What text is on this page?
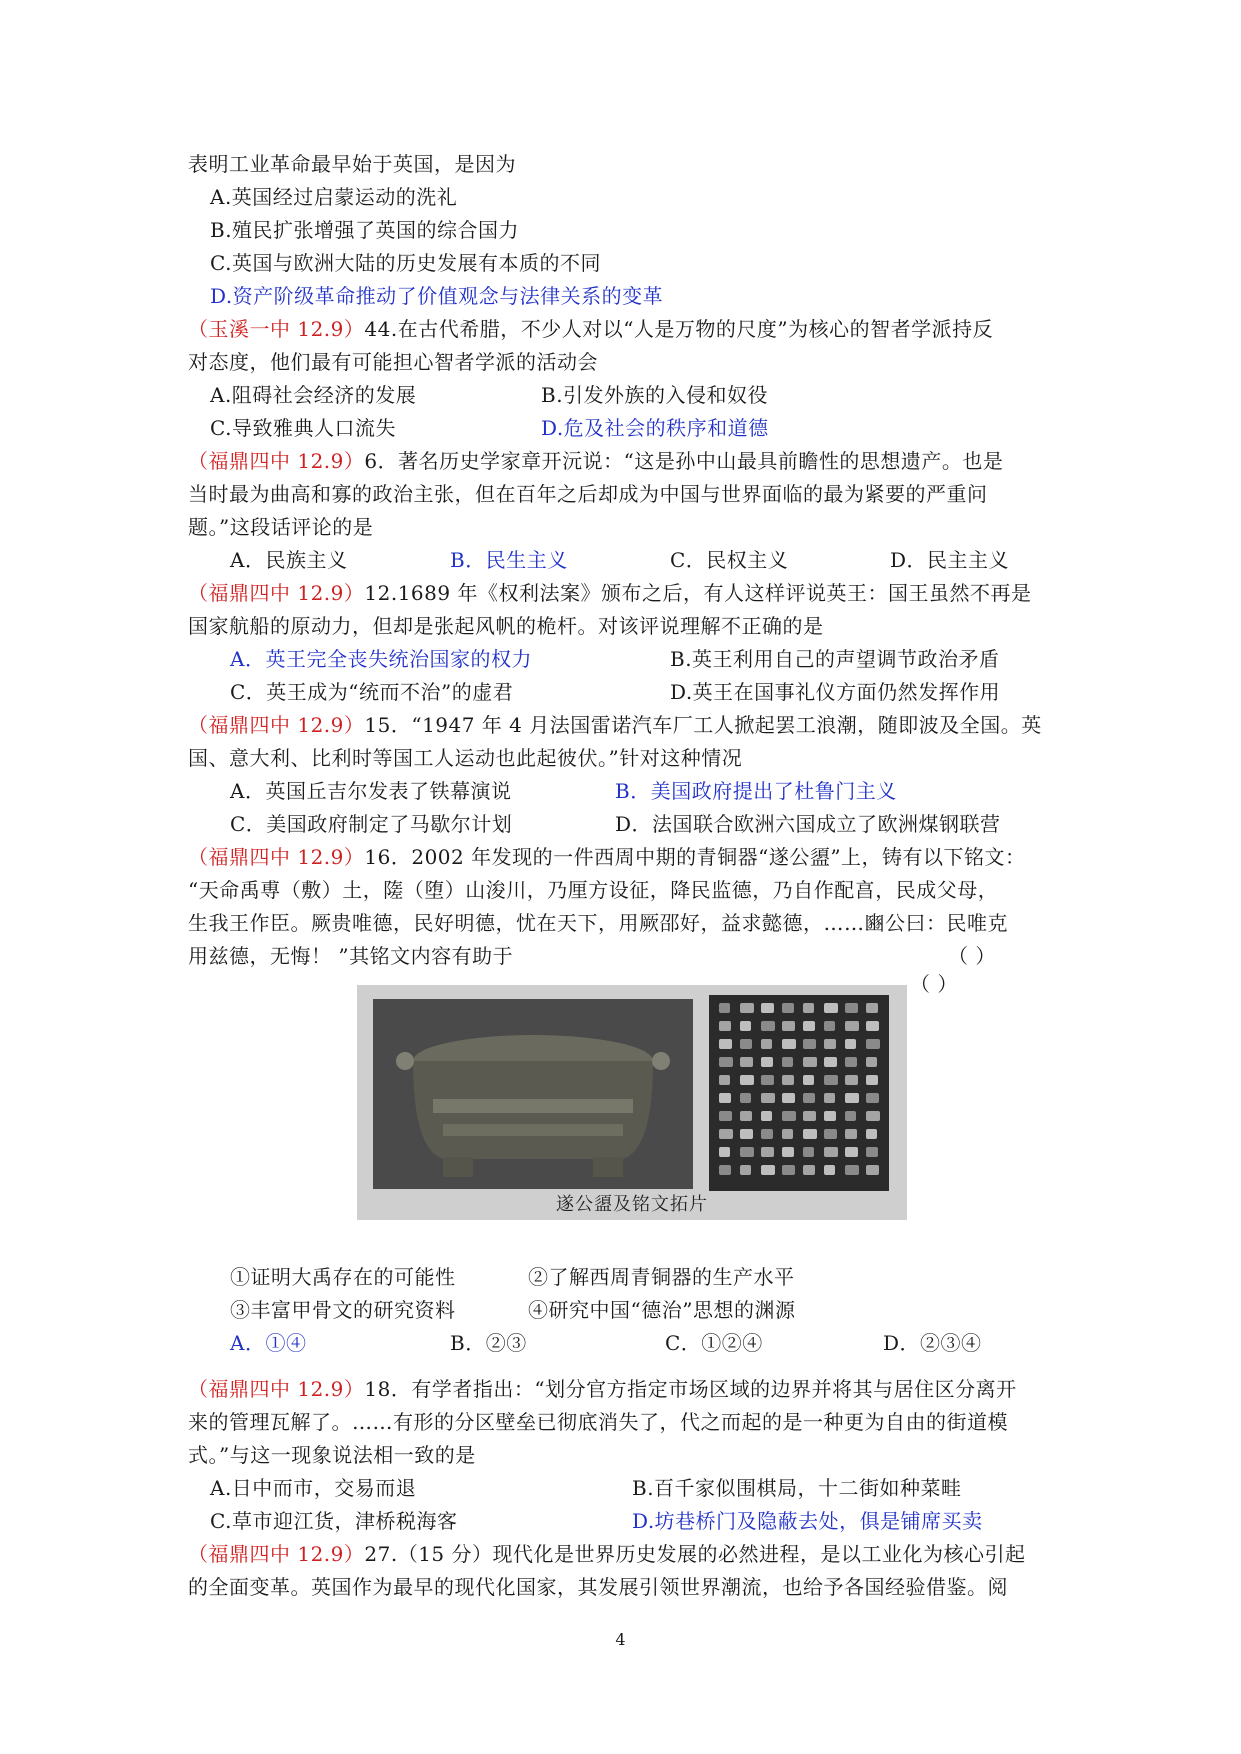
表明工业革命最早始于英国，是因为
A.英国经过启蒙运动的洗礼
B.殖民扩张增强了英国的综合国力
C.英国与欧洲大陆的历史发展有本质的不同
D.资产阶级革命推动了价值观念与法律关系的变革
（玉溪一中 12.9）44.在古代希腊，不少人对以“人是万物的尺度”为核心的智者学派持反
对态度，他们最有可能担心智者学派的活动会
（福鼎四中 12.9）6．著名历史学家章开沅说：“这是孙中山最具前瞻性的思想遗产。也是
当时最为曲高和寡的政治主张，但在百年之后却成为中国与世界面临的最为紧要的严重问
题。”这段话评论的是
（福鼎四中 12.9）12.1689 年《权利法案》颁布之后，有人这样评说英王：国王虽然不再是
国家航船的原动力，但却是张起风帆的桅杆。对该评说理解不正确的是
（福鼎四中 12.9）15．“1947 年 4 月法国雷诺汽车厂工人掀起罢工浪潮，随即波及全国。英
国、意大利、比利时等国工人运动也此起彼伏。”针对这种情况
（福鼎四中 12.9）16．2002 年发现的一件西周中期的青铜器“遂公盨”上，铸有以下铭文：
“天命禹尃（敷）土，隓（堕）山浚川，乃厘方设征，降民监德，乃自作配亯，民成父母，
生我王作臣。厥贵唯德，民好明德，忧在天下，用厥邵好，益求懿德，……豳公曰：民唯克
用兹德，无悔！ ”其铭文内容有助于
（福鼎四中 12.9）18．有学者指出：“划分官方指定市场区域的边界并将其与居住区分离开
来的管理瓦解了。……有形的分区壁垒已彻底消失了，代之而起的是一种更为自由的街道模
式。”与这一现象说法相一致的是
（福鼎四中 12.9）27.（15 分）现代化是世界历史发展的必然进程，是以工业化为核心引起
的全面变革。英国作为最早的现代化国家，其发展引领世界潮流，也给予各国经验借鉴。阅
A.阻碍社会经济的发展	B.引发外族的入侵和奴役
C.导致雅典人口流失	D.危及社会的秩序和道德
A．民族主义	B．民生主义	C．民权主义	D．民主主义
A．英王完全丧失统治国家的权力	B.英王利用自己的声望调节政治矛盾
C．英王成为“统而不治”的虚君	D.英王在国事礼仪方面仍然发挥作用
A．英国丘吉尔发表了铁幕演说	B．美国政府提出了杜鲁门主义
C．美国政府制定了马歇尔计划	D．法国联合欧洲六国成立了欧洲煤钢联营
（ ）
（ ）
①证明大禹存在的可能性	②了解西周青铜器的生产水平
③丰富甲骨文的研究资料	④研究中国“德治”思想的渊源
A．①④	B．②③	C．①②④	D．②③④
A.日中而市，交易而退	B.百千家似围棋局，十二街如种菜畦
C.草市迎江货，津桥税海客	D.坊巷桥门及隐蔽去处，俱是铺席买卖
遂公盨及铭文拓片
4
